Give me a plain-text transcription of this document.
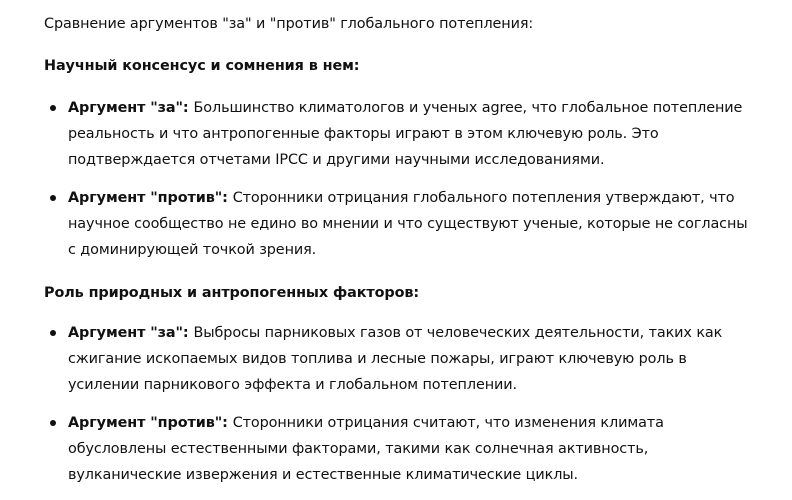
Сравнение аргументов "за" и "против" глобального потепления:
Научный консенсус и сомнения в нем:
Аргумент "за": Большинство климатологов и ученых agree, что глобальное потепление реальность и что антропогенные факторы играют в этом ключевую роль. Это подтверждается отчетами IPCC и другими научными исследованиями.
Аргумент "против": Сторонники отрицания глобального потепления утверждают, что научное сообщество не едино во мнении и что существуют ученые, которые не согласны с доминирующей точкой зрения.
Роль природных и антропогенных факторов:
Аргумент "за": Выбросы парниковых газов от человеческих деятельности, таких как сжигание ископаемых видов топлива и лесные пожары, играют ключевую роль в усилении парникового эффекта и глобальном потеплении.
Аргумент "против": Сторонники отрицания считают, что изменения климата обусловлены естественными факторами, такими как солнечная активность, вулканические извержения и естественные климатические циклы.
